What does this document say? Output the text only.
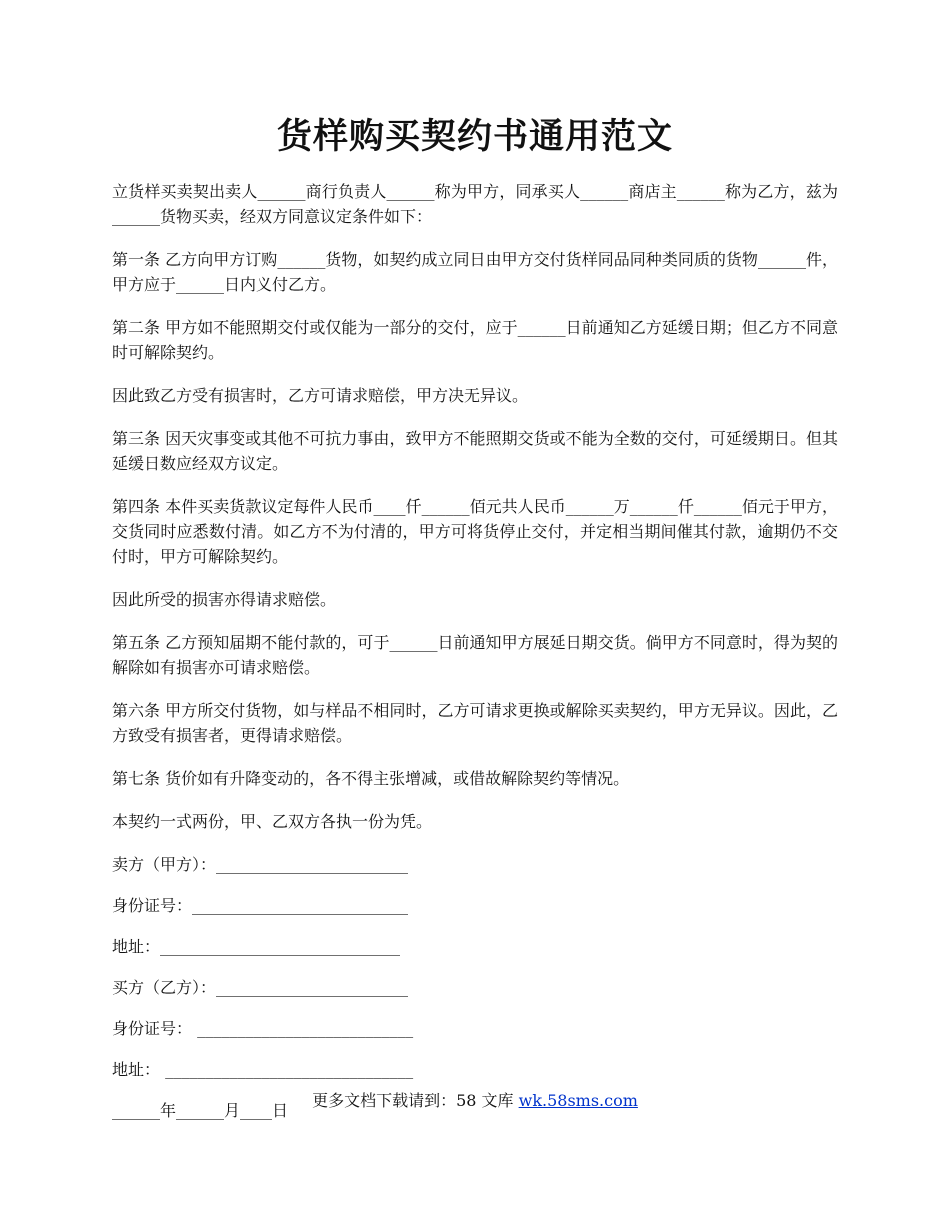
货样购买契约书通用范文

立货样买卖契出卖人______商行负责人______称为甲方，同承买人______商店主______称为乙方，兹为______货物买卖，经双方同意议定条件如下：

第一条 乙方向甲方订购______货物，如契约成立同日由甲方交付货样同品同种类同质的货物______件，甲方应于______日内义付乙方。

第二条 甲方如不能照期交付或仅能为一部分的交付，应于______日前通知乙方延缓日期；但乙方不同意时可解除契约。

因此致乙方受有损害时，乙方可请求赔偿，甲方决无异议。

第三条 因天灾事变或其他不可抗力事由，致甲方不能照期交货或不能为全数的交付，可延缓期日。但其延缓日数应经双方议定。

第四条 本件买卖货款议定每件人民币____仟______佰元共人民币______万______仟______佰元于甲方，交货同时应悉数付清。如乙方不为付清的，甲方可将货停止交付，并定相当期间催其付款，逾期仍不交付时，甲方可解除契约。

因此所受的损害亦得请求赔偿。

第五条 乙方预知届期不能付款的，可于______日前通知甲方展延日期交货。倘甲方不同意时，得为契的解除如有损害亦可请求赔偿。

第六条 甲方所交付货物，如与样品不相同时，乙方可请求更换或解除买卖契约，甲方无异议。因此，乙方致受有损害者，更得请求赔偿。

第七条 货价如有升降变动的，各不得主张增减，或借故解除契约等情况。

本契约一式两份，甲、乙双方各执一份为凭。

卖方（甲方）：________________________

身份证号：___________________________

地址：______________________________

买方（乙方）：________________________

身份证号： ___________________________

地址： _______________________________

______年______月____日

更多文档下载请到：58 文库 wk.58sms.com
